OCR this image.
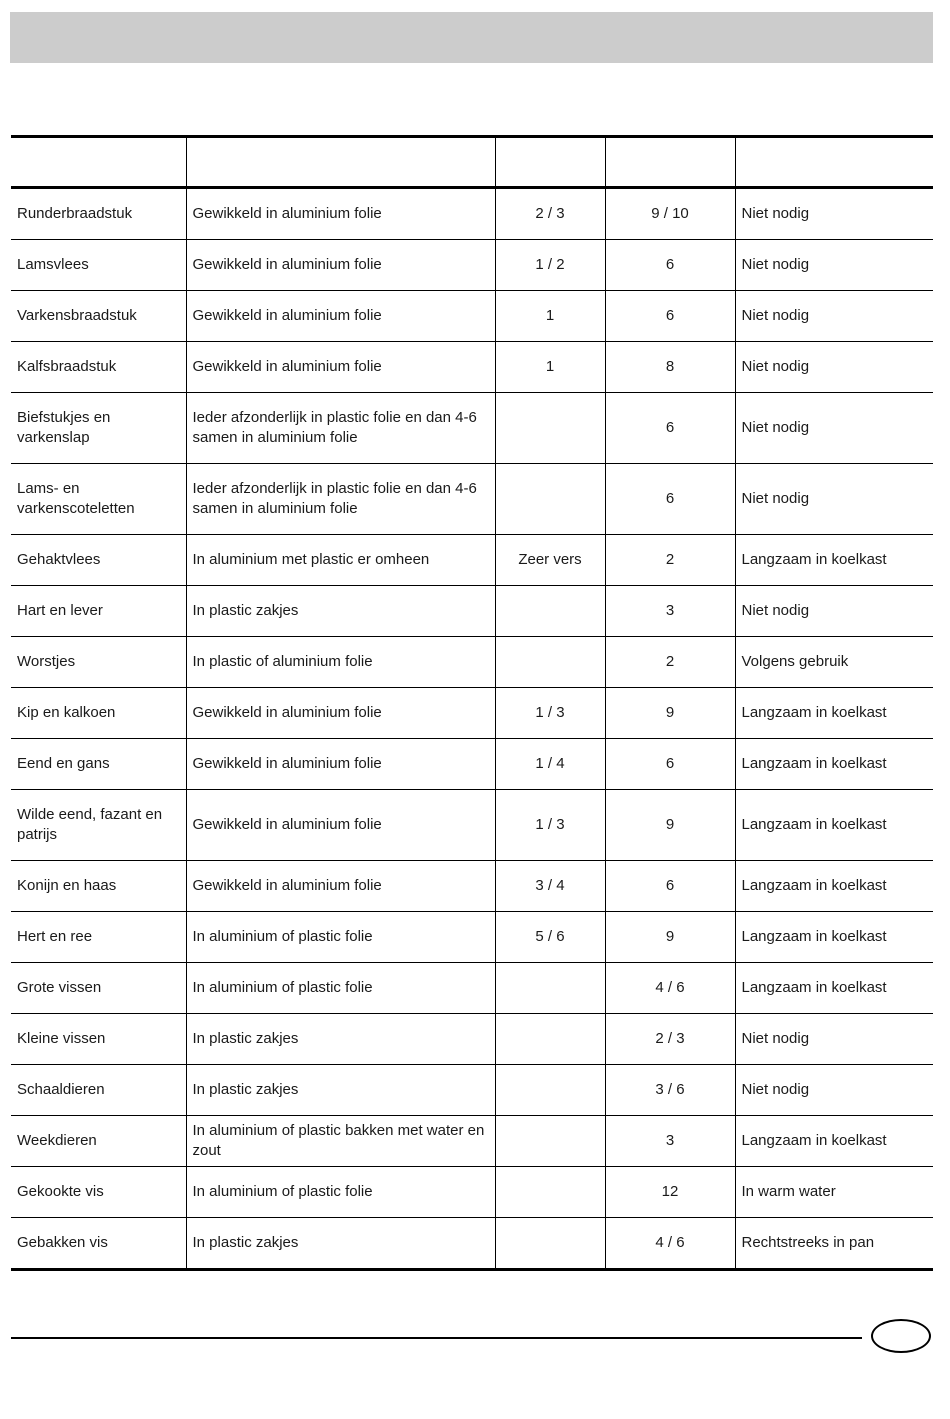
Runderbraadstuk	Gewikkeld in aluminium folie	2 / 3	9 / 10	Niet nodig
Lamsvlees	Gewikkeld in aluminium folie	1 / 2	6	Niet nodig
Varkensbraadstuk	Gewikkeld in aluminium folie	1	6	Niet nodig
Kalfsbraadstuk	Gewikkeld in aluminium folie	1	8	Niet nodig
Biefstukjes en varkenslap	Ieder afzonderlijk in plastic folie en dan 4-6 samen in aluminium folie		6	Niet nodig
Lams- en varkenscoteletten	Ieder afzonderlijk in plastic folie en dan 4-6 samen in aluminium folie		6	Niet nodig
Gehaktvlees	In aluminium met plastic er omheen	Zeer vers	2	Langzaam in koelkast
Hart en lever	In plastic zakjes		3	Niet nodig
Worstjes	In plastic of aluminium folie		2	Volgens gebruik
Kip en kalkoen	Gewikkeld in aluminium folie	1 / 3	9	Langzaam in koelkast
Eend en gans	Gewikkeld in aluminium folie	1 / 4	6	Langzaam in koelkast
Wilde eend, fazant en patrijs	Gewikkeld in aluminium folie	1 / 3	9	Langzaam in koelkast
Konijn en haas	Gewikkeld in aluminium folie	3 / 4	6	Langzaam in koelkast
Hert en ree	In aluminium of plastic folie	5 / 6	9	Langzaam in koelkast
Grote vissen	In aluminium of plastic folie		4 / 6	Langzaam in koelkast
Kleine vissen	In plastic zakjes		2 / 3	Niet nodig
Schaaldieren	In plastic zakjes		3 / 6	Niet nodig
Weekdieren	In aluminium of plastic bakken met water en zout		3	Langzaam in koelkast
Gekookte vis	In aluminium of plastic folie		12	In warm water
Gebakken vis	In plastic zakjes		4 / 6	Rechtstreeks in pan
